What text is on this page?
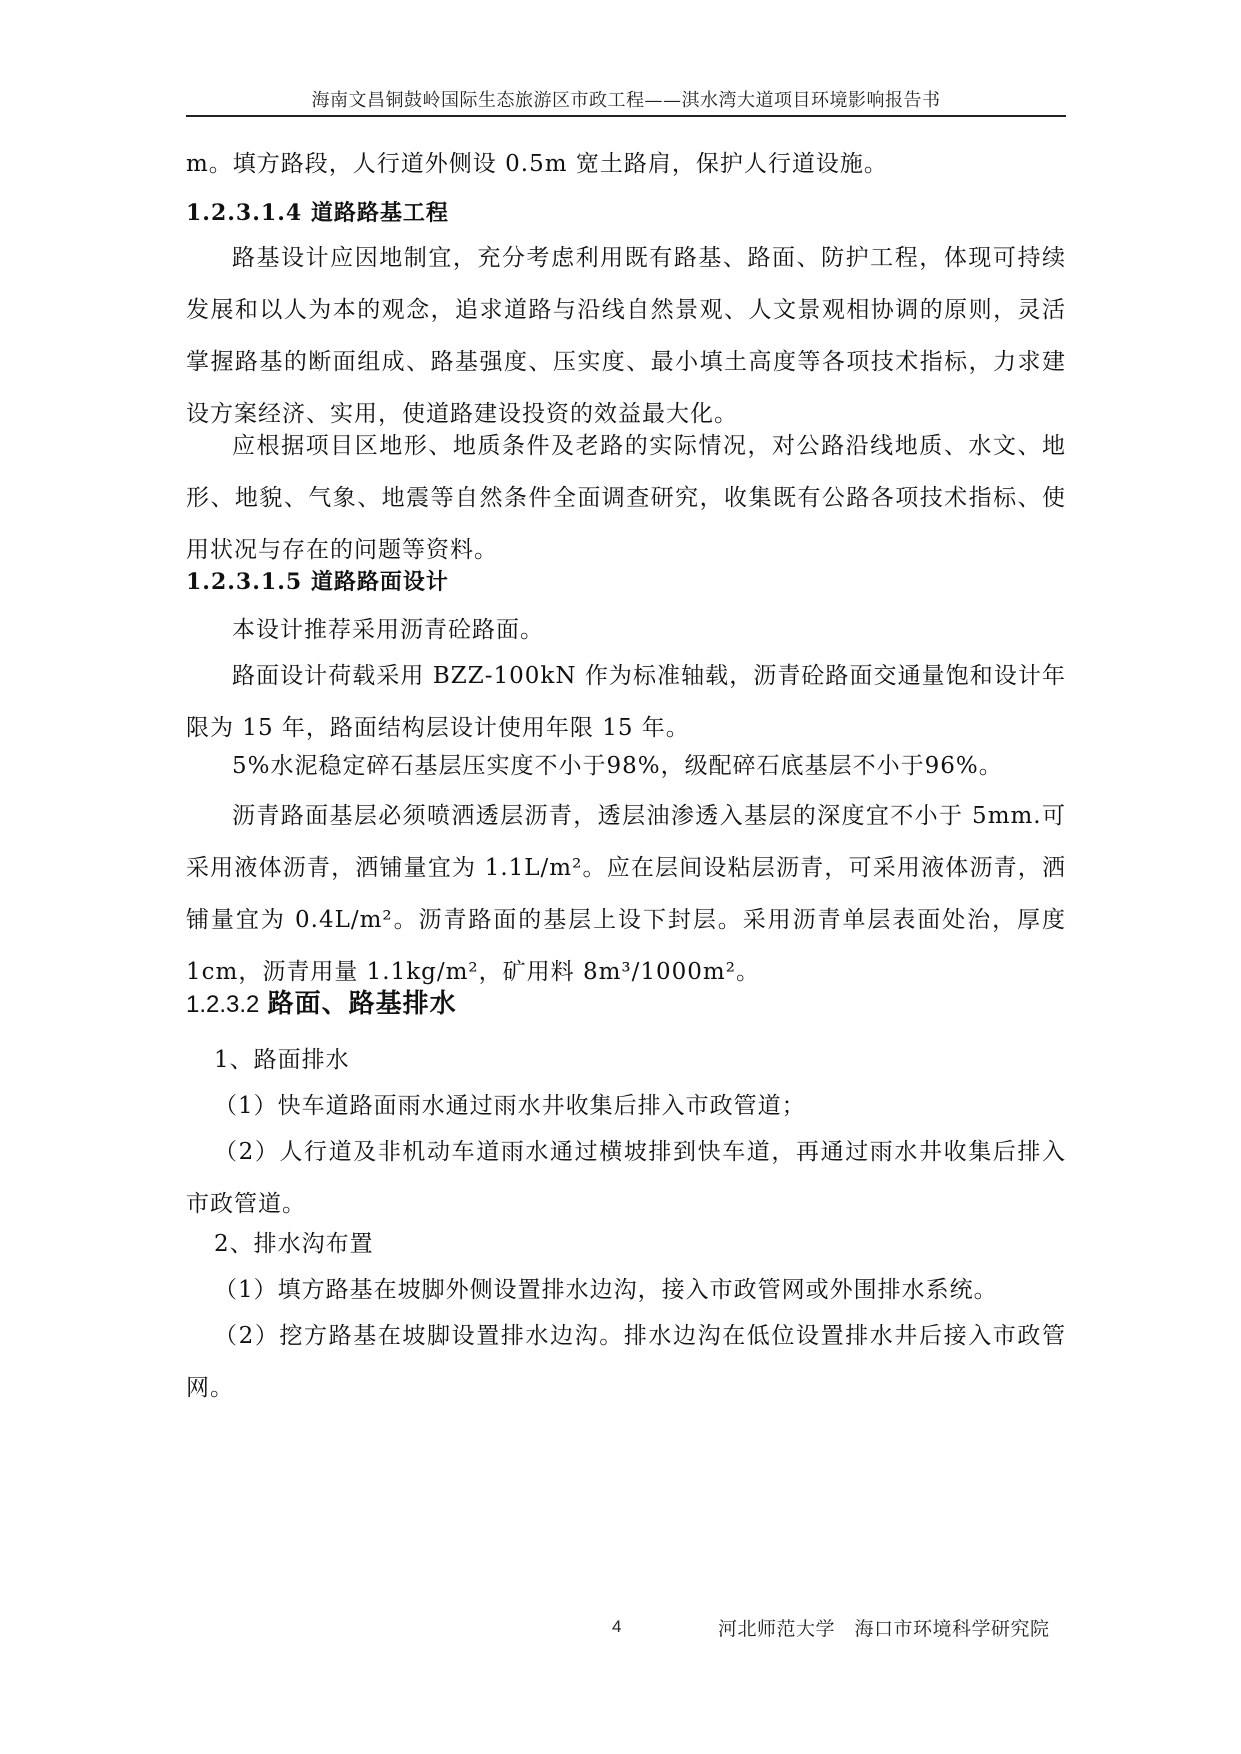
海南文昌铜鼓岭国际生态旅游区市政工程——淇水湾大道项目环境影响报告书

m。填方路段，人行道外侧设 0.5m 宽土路肩，保护人行道设施。

1.2.3.1.4 道路路基工程

路基设计应因地制宜，充分考虑利用既有路基、路面、防护工程，体现可持续发展和以人为本的观念，追求道路与沿线自然景观、人文景观相协调的原则，灵活掌握路基的断面组成、路基强度、压实度、最小填土高度等各项技术指标，力求建设方案经济、实用，使道路建设投资的效益最大化。

应根据项目区地形、地质条件及老路的实际情况，对公路沿线地质、水文、地形、地貌、气象、地震等自然条件全面调查研究，收集既有公路各项技术指标、使用状况与存在的问题等资料。

1.2.3.1.5 道路路面设计

本设计推荐采用沥青砼路面。

路面设计荷载采用 BZZ-100kN 作为标准轴载，沥青砼路面交通量饱和设计年限为 15 年，路面结构层设计使用年限 15 年。

5%水泥稳定碎石基层压实度不小于98%，级配碎石底基层不小于96%。

沥青路面基层必须喷洒透层沥青，透层油渗透入基层的深度宜不小于 5mm.可采用液体沥青，洒铺量宜为 1.1L/m²。应在层间设粘层沥青，可采用液体沥青，洒铺量宜为 0.4L/m²。沥青路面的基层上设下封层。采用沥青单层表面处治，厚度 1cm，沥青用量 1.1kg/m²，矿用料 8m³/1000m²。

1.2.3.2 路面、路基排水
1、路面排水
（1）快车道路面雨水通过雨水井收集后排入市政管道；

（2）人行道及非机动车道雨水通过横坡排到快车道，再通过雨水井收集后排入市政管道。

2、排水沟布置
（1）填方路基在坡脚外侧设置排水边沟，接入市政管网或外围排水系统。

（2）挖方路基在坡脚设置排水边沟。排水边沟在低位设置排水井后接入市政管网。

4	河北师范大学　海口市环境科学研究院
